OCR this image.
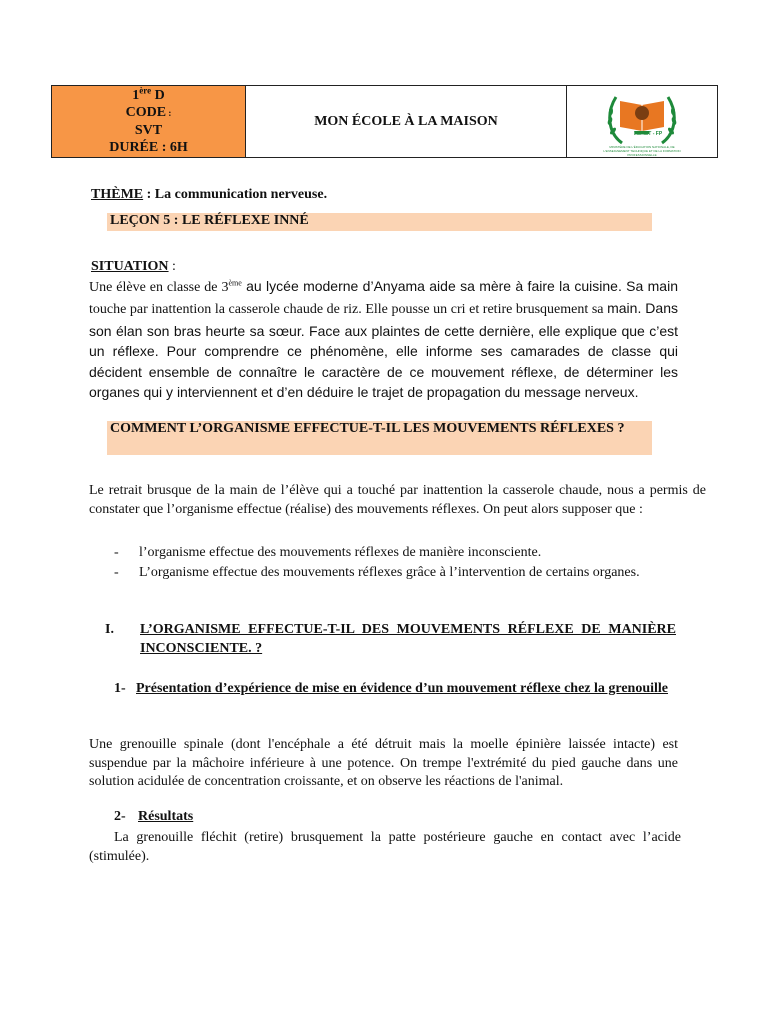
1ère D
CODE :
SVT
DURÉE : 6H
	MON ÉCOLE À LA MAISON	
MENET - FP
MINISTÈRE DE L'ÉDUCATION NATIONALE, DE L'ENSEIGNEMENT TECHNIQUE ET DE LA FORMATION PROFESSIONNELLE
THÈME : La communication nerveuse.
LEÇON 5 : LE RÉFLEXE INNÉ
SITUATION :
Une élève en classe de 3ème au lycée moderne d’Anyama aide sa mère à faire la cuisine. Sa main touche par inattention la casserole chaude de riz. Elle pousse un cri et retire brusquement sa main. Dans son élan son bras heurte sa sœur. Face aux plaintes de cette dernière, elle explique que c’est un réflexe. Pour comprendre ce phénomène, elle informe ses camarades de classe qui décident ensemble de connaître le caractère de ce mouvement réflexe, de déterminer les organes qui y interviennent et d’en déduire le trajet de propagation du message nerveux.
COMMENT L’ORGANISME EFFECTUE-T-IL LES MOUVEMENTS RÉFLEXES ?
Le retrait brusque de la main de l’élève qui a touché par inattention la casserole chaude, nous a permis de constater que l’organisme effectue (réalise) des mouvements réflexes. On peut alors supposer que :
-	l’organisme effectue des mouvements réflexes de manière inconsciente.
-	L’organisme effectue des mouvements réflexes grâce à l’intervention de certains organes.
I.	L’ORGANISME EFFECTUE-T-IL DES MOUVEMENTS RÉFLEXE DE MANIÈRE INCONSCIENTE. ?
1- Présentation d’expérience de mise en évidence d’un mouvement réflexe chez la grenouille
Une grenouille spinale (dont l'encéphale a été détruit mais la moelle épinière laissée intacte) est suspendue par la mâchoire inférieure à une potence. On trempe l'extrémité du pied gauche dans une solution acidulée de concentration croissante, et on observe les réactions de l'animal.
2- Résultats
La grenouille fléchit (retire) brusquement la patte postérieure gauche en contact avec l’acide (stimulée).
